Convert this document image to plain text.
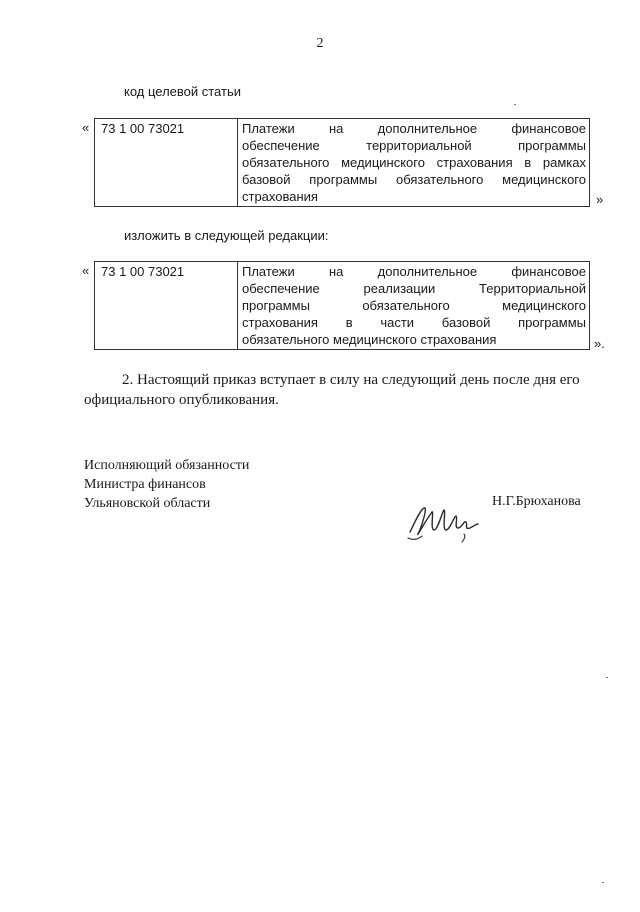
2
код целевой статьи
« 73 1 00 73021	Платежи на дополнительное финансовое
обеспечение территориальной программы
обязательного медицинского страхования в рамках
базовой программы обязательного медицинского
страхования	»
изложить в следующей редакции:
« 73 1 00 73021	Платежи на дополнительное финансовое
обеспечение реализации Территориальной
программы обязательного медицинского
страхования в части базовой программы
обязательного медицинского страхования	».
2. Настоящий приказ вступает в силу на следующий день после дня его
официального опубликования.
Исполняющий обязанности
Министра финансов
Ульяновской области	Н.Г.Брюханова
